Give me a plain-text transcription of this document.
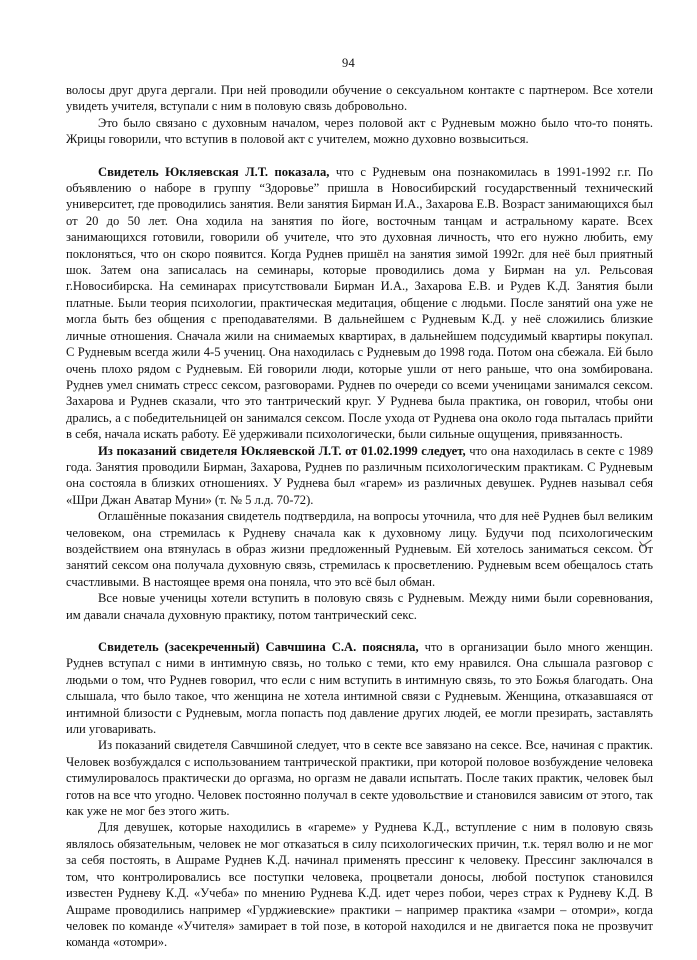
94

волосы друг друга дергали. При ней проводили обучение о сексуальном контакте с партнером. Все хотели увидеть учителя, вступали с ним в половую связь добровольно.

Это было связано с духовным началом, через половой акт с Рудневым можно было что-то понять. Жрицы говорили, что вступив в половой акт с учителем, можно духовно возвыситься.

Свидетель Юкляевская Л.Т. показала, что с Рудневым она познакомилась в 1991-1992 г.г. По объявлению о наборе в группу “Здоровье” пришла в Новосибирский государственный технический университет, где проводились занятия. Вели занятия Бирман И.А., Захарова Е.В. Возраст занимающихся был от 20 до 50 лет. Она ходила на занятия по йоге, восточным танцам и астральному карате. Всех занимающихся готовили, говорили об учителе, что это духовная личность, что его нужно любить, ему поклоняться, что он скоро появится. Когда Руднев пришёл на занятия зимой 1992г. для неё был приятный шок. Затем она записалась на семинары, которые проводились дома у Бирман на ул. Рельсовая г.Новосибирска. На семинарах присутствовали Бирман И.А., Захарова Е.В. и Рудев К.Д. Занятия были платные. Были теория психологии, практическая медитация, общение с людьми. После занятий она уже не могла быть без общения с преподавателями. В дальнейшем с Рудневым К.Д. у неё сложились близкие личные отношения. Сначала жили на снимаемых квартирах, в дальнейшем подсудимый квартиры покупал. С Рудневым всегда жили 4-5 учениц. Она находилась с Рудневым до 1998 года. Потом она сбежала. Ей было очень плохо рядом с Рудневым. Ей говорили люди, которые ушли от него раньше, что она зомбирована. Руднев умел снимать стресс сексом, разговорами. Руднев по очереди со всеми ученицами занимался сексом. Захарова и Руднев сказали, что это тантрический круг. У Руднева была практика, он говорил, чтобы они дрались, а с победительницей он занимался сексом. После ухода от Руднева она около года пыталась прийти в себя, начала искать работу. Её удерживали психологически, были сильные ощущения, привязанность.

Из показаний свидетеля Юкляевской Л.Т. от 01.02.1999 следует, что она находилась в секте с 1989 года. Занятия проводили Бирман, Захарова, Руднев по различным психологическим практикам. С Рудневым она состояла в близких отношениях. У Руднева был «гарем» из различных девушек. Руднев называл себя «Шри Джан Аватар Муни» (т. № 5 л.д. 70-72).

Оглашённые показания свидетель подтвердила, на вопросы уточнила, что для неё Руднев был великим человеком, она стремилась к Рудневу сначала как к духовному лицу. Будучи под психологическим воздействием она втянулась в образ жизни предложенный Рудневым. Ей хотелось заниматься сексом. От занятий сексом она получала духовную связь, стремилась к просветлению. Рудневым всем обещалось стать счастливыми. В настоящее время она поняла, что это всё был обман.

Все новые ученицы хотели вступить в половую связь с Рудневым. Между ними были соревнования, им давали сначала духовную практику, потом тантрический секс.

Свидетель (засекреченный) Савчшина С.А. поясняла, что в организации было много женщин. Руднев вступал с ними в интимную связь, но только с теми, кто ему нравился. Она слышала разговор с людьми о том, что Руднев говорил, что если с ним вступить в интимную связь, то это Божья благодать. Она слышала, что было такое, что женщина не хотела интимной связи с Рудневым. Женщина, отказавшаяся от интимной близости с Рудневым, могла попасть под давление других людей, ее могли презирать, заставлять или уговаривать.

Из показаний свидетеля Савчшиной следует, что в секте все завязано на сексе. Все, начиная с практик. Человек возбуждался с использованием тантрической практики, при которой половое возбуждение человека стимулировалось практически до оргазма, но оргазм не давали испытать. После таких практик, человек был готов на все что угодно. Человек постоянно получал в секте удовольствие и становился зависим от этого, так как уже не мог без этого жить.

Для девушек, которые находились в «гареме» у Руднева К.Д., вступление с ним в половую связь являлось обязательным, человек не мог отказаться в силу психологических причин, т.к. терял волю и не мог за себя постоять, в Ашраме Руднев К.Д. начинал применять прессинг к человеку. Прессинг заключался в том, что контролировались все поступки человека, процветали доносы, любой поступок становился известен Рудневу К.Д. «Учеба» по мнению Руднева К.Д. идет через побои, через страх к Рудневу К.Д. В Ашраме проводились например «Гурджиевские» практики – например практика «замри – отомри», когда человек по команде «Учителя» замирает в той позе, в которой находился и не двигается пока не прозвучит команда «отомри».
